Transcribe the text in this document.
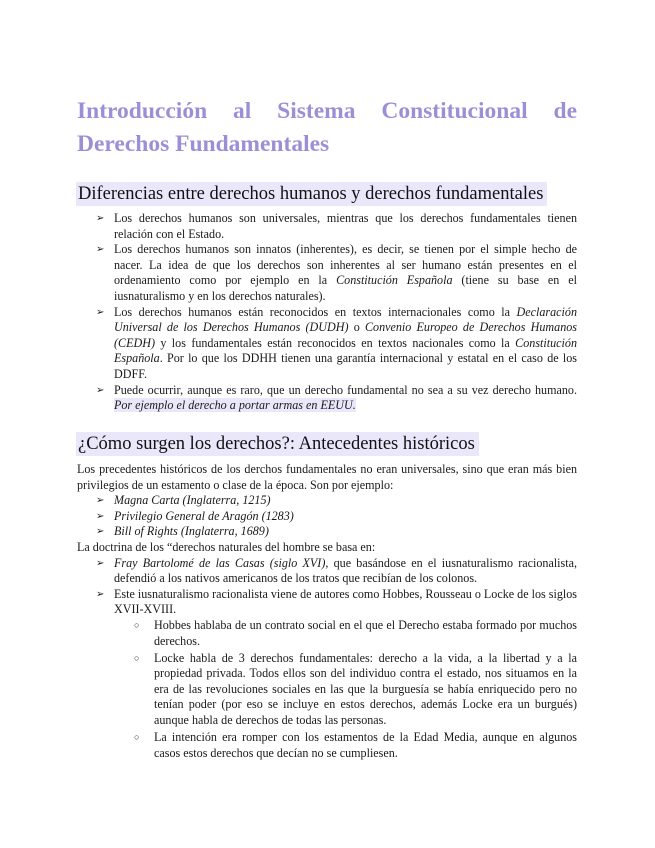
Introducción al Sistema Constitucional de Derechos Fundamentales
Diferencias entre derechos humanos y derechos fundamentales
➢ Los derechos humanos son universales, mientras que los derechos fundamentales tienen relación con el Estado.
➢ Los derechos humanos son innatos (inherentes), es decir, se tienen por el simple hecho de nacer. La idea de que los derechos son inherentes al ser humano están presentes en el ordenamiento como por ejemplo en la Constitución Española (tiene su base en el iusnaturalismo y en los derechos naturales).
➢ Los derechos humanos están reconocidos en textos internacionales como la Declaración Universal de los Derechos Humanos (DUDH) o Convenio Europeo de Derechos Humanos (CEDH) y los fundamentales están reconocidos en textos nacionales como la Constitución Española. Por lo que los DDHH tienen una garantía internacional y estatal en el caso de los DDFF.
➢ Puede ocurrir, aunque es raro, que un derecho fundamental no sea a su vez derecho humano. Por ejemplo el derecho a portar armas en EEUU.
¿Cómo surgen los derechos?: Antecedentes históricos

Los precedentes históricos de los derchos fundamentales no eran universales, sino que eran más bien privilegios de un estamento o clase de la época. Son por ejemplo:

➢ Magna Carta (Inglaterra, 1215)
➢ Privilegio General de Aragón (1283)
➢ Bill of Rights (Inglaterra, 1689)

La doctrina de los “derechos naturales del hombre se basa en:

➢ Fray Bartolomé de las Casas (siglo XVI), que basándose en el iusnaturalismo racionalista, defendió a los nativos americanos de los tratos que recibían de los colonos.
➢ Este iusnaturalismo racionalista viene de autores como Hobbes, Rousseau o Locke de los siglos XVII-XVIII.
○ Hobbes hablaba de un contrato social en el que el Derecho estaba formado por muchos derechos.
○ Locke habla de 3 derechos fundamentales: derecho a la vida, a la libertad y a la propiedad privada. Todos ellos son del individuo contra el estado, nos situamos en la era de las revoluciones sociales en las que la burguesía se había enriquecido pero no tenían poder (por eso se incluye en estos derechos, además Locke era un burgués) aunque habla de derechos de todas las personas.
○ La intención era romper con los estamentos de la Edad Media, aunque en algunos casos estos derechos que decían no se cumpliesen.
